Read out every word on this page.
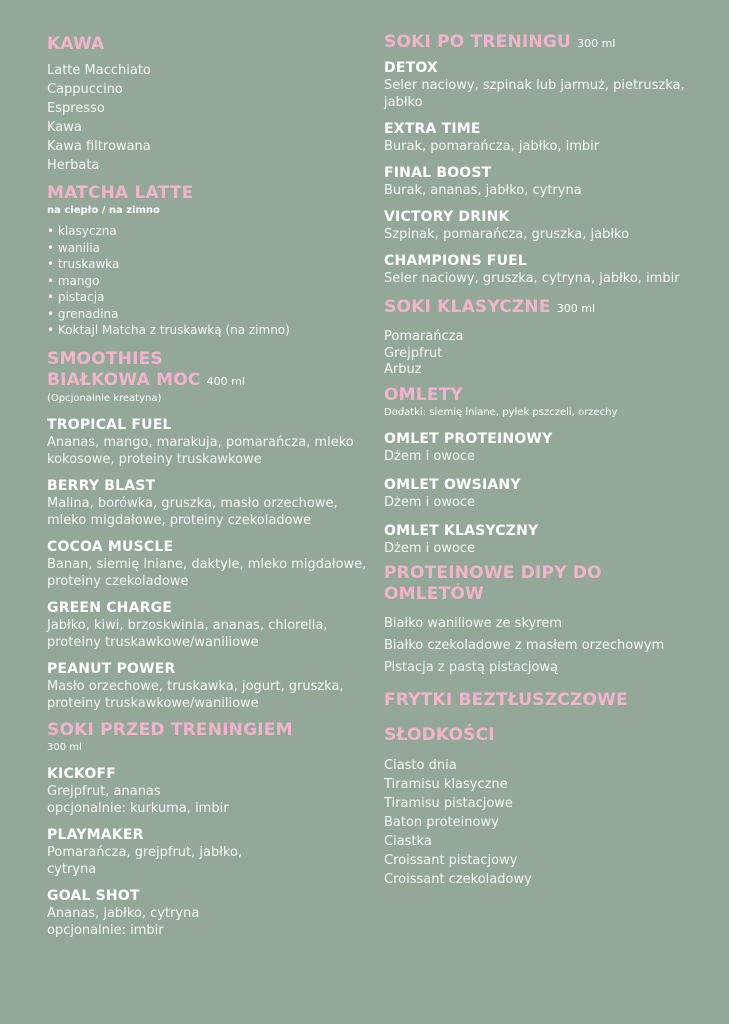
KAWA
Latte Macchiato
Cappuccino
Espresso
Kawa
Kawa filtrowana
Herbata
MATCHA LATTE
na ciepło / na zimno
• klasyczna
• wanilia
• truskawka
• mango
• pistacja
• grenadina
• Koktajl Matcha z truskawką (na zimno)
SMOOTHIES
BIAŁKOWA MOC 400 ml
(Opcjonalnie kreatyna)
TROPICAL FUEL
Ananas, mango, marakuja, pomarańcza, mleko kokosowe, proteiny truskawkowe
BERRY BLAST
Malina, borówka, gruszka, masło orzechowe, mleko migdałowe, proteiny czekoladowe
COCOA MUSCLE
Banan, siemię lniane, daktyle, mleko migdałowe, proteiny czekoladowe
GREEN CHARGE
Jabłko, kiwi, brzoskwinia, ananas, chlorella, proteiny truskawkowe/waniliowe
PEANUT POWER
Masło orzechowe, truskawka, jogurt, gruszka, proteiny truskawkowe/waniliowe
SOKI PRZED TRENINGIEM
300 ml
KICKOFF
Grejpfrut, ananas
opcjonalnie: kurkuma, imbir
PLAYMAKER
Pomarańcza, grejpfrut, jabłko, cytryna
GOAL SHOT
Ananas, jabłko, cytryna
opcjonalnie: imbir
SOKI PO TRENINGU 300 ml
DETOX
Seler naciowy, szpinak lub jarmuż, pietruszka, jabłko
EXTRA TIME
Burak, pomarańcza, jabłko, imbir
FINAL BOOST
Burak, ananas, jabłko, cytryna
VICTORY DRINK
Szpinak, pomarańcza, gruszka, jabłko
CHAMPIONS FUEL
Seler naciowy, gruszka, cytryna, jabłko, imbir
SOKI KLASYCZNE 300 ml
Pomarańcza
Grejpfrut
Arbuz
OMLETY
Dodatki: siemię lniane, pyłek pszczeli, orzechy
OMLET PROTEINOWY
Dżem i owoce
OMLET OWSIANY
Dżem i owoce
OMLET KLASYCZNY
Dżem i owoce
PROTEINOWE DIPY DO OMLETÓW
Białko waniliowe ze skyrem
Białko czekoladowe z masłem orzechowym
Pistacja z pastą pistacjową
FRYTKI BEZTŁUSZCZOWE
SŁODKOŚCI
Ciasto dnia
Tiramisu klasyczne
Tiramisu pistacjowe
Baton proteinowy
Ciastka
Croissant pistacjowy
Croissant czekoladowy
